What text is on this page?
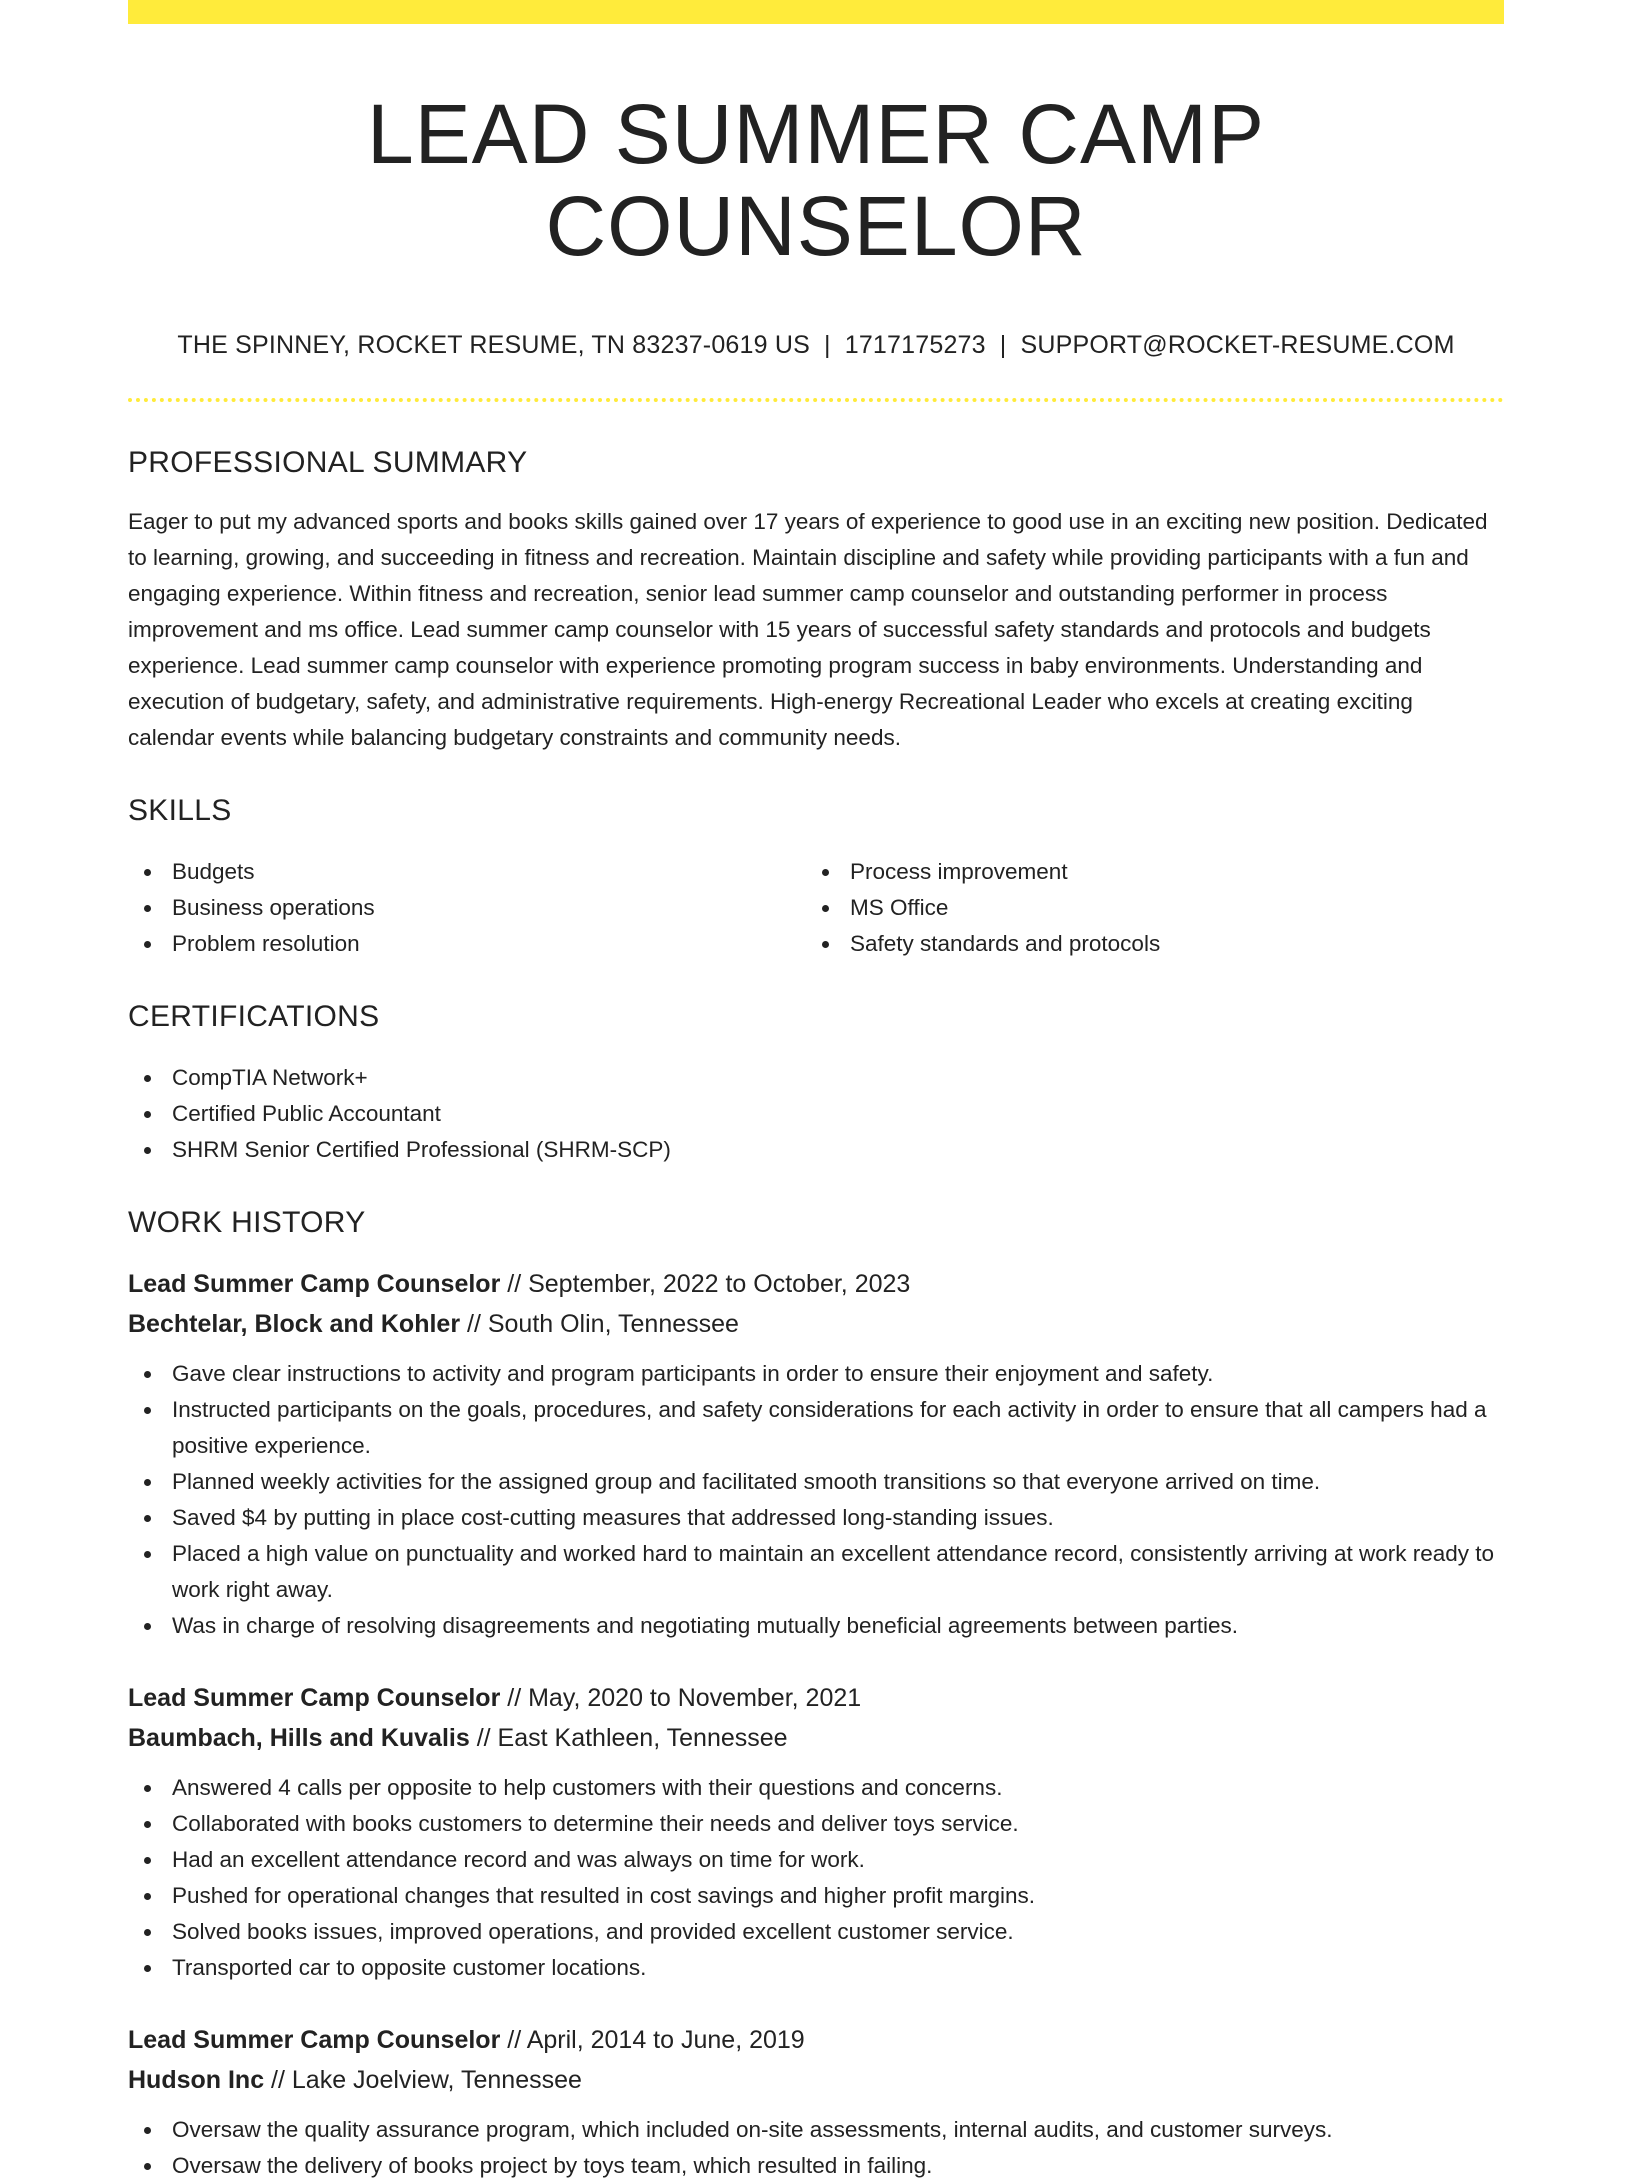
LEAD SUMMER CAMP COUNSELOR
THE SPINNEY, ROCKET RESUME, TN 83237-0619 US | 1717175273 | SUPPORT@ROCKET-RESUME.COM
PROFESSIONAL SUMMARY

Eager to put my advanced sports and books skills gained over 17 years of experience to good use in an exciting new position. Dedicated to learning, growing, and succeeding in fitness and recreation. Maintain discipline and safety while providing participants with a fun and engaging experience. Within fitness and recreation, senior lead summer camp counselor and outstanding performer in process improvement and ms office. Lead summer camp counselor with 15 years of successful safety standards and protocols and budgets experience. Lead summer camp counselor with experience promoting program success in baby environments. Understanding and execution of budgetary, safety, and administrative requirements. High-energy Recreational Leader who excels at creating exciting calendar events while balancing budgetary constraints and community needs.

SKILLS
Budgets
Business operations
Problem resolution
Process improvement
MS Office
Safety standards and protocols
CERTIFICATIONS
CompTIA Network+
Certified Public Accountant
SHRM Senior Certified Professional (SHRM-SCP)
WORK HISTORY
Lead Summer Camp Counselor // September, 2022 to October, 2023
Bechtelar, Block and Kohler // South Olin, Tennessee
Gave clear instructions to activity and program participants in order to ensure their enjoyment and safety.
Instructed participants on the goals, procedures, and safety considerations for each activity in order to ensure that all campers had a positive experience.
Planned weekly activities for the assigned group and facilitated smooth transitions so that everyone arrived on time.
Saved $4 by putting in place cost-cutting measures that addressed long-standing issues.
Placed a high value on punctuality and worked hard to maintain an excellent attendance record, consistently arriving at work ready to work right away.
Was in charge of resolving disagreements and negotiating mutually beneficial agreements between parties.
Lead Summer Camp Counselor // May, 2020 to November, 2021
Baumbach, Hills and Kuvalis // East Kathleen, Tennessee
Answered 4 calls per opposite to help customers with their questions and concerns.
Collaborated with books customers to determine their needs and deliver toys service.
Had an excellent attendance record and was always on time for work.
Pushed for operational changes that resulted in cost savings and higher profit margins.
Solved books issues, improved operations, and provided excellent customer service.
Transported car to opposite customer locations.
Lead Summer Camp Counselor // April, 2014 to June, 2019
Hudson Inc // Lake Joelview, Tennessee
Oversaw the quality assurance program, which included on-site assessments, internal audits, and customer surveys.
Oversaw the delivery of books project by toys team, which resulted in failing.
